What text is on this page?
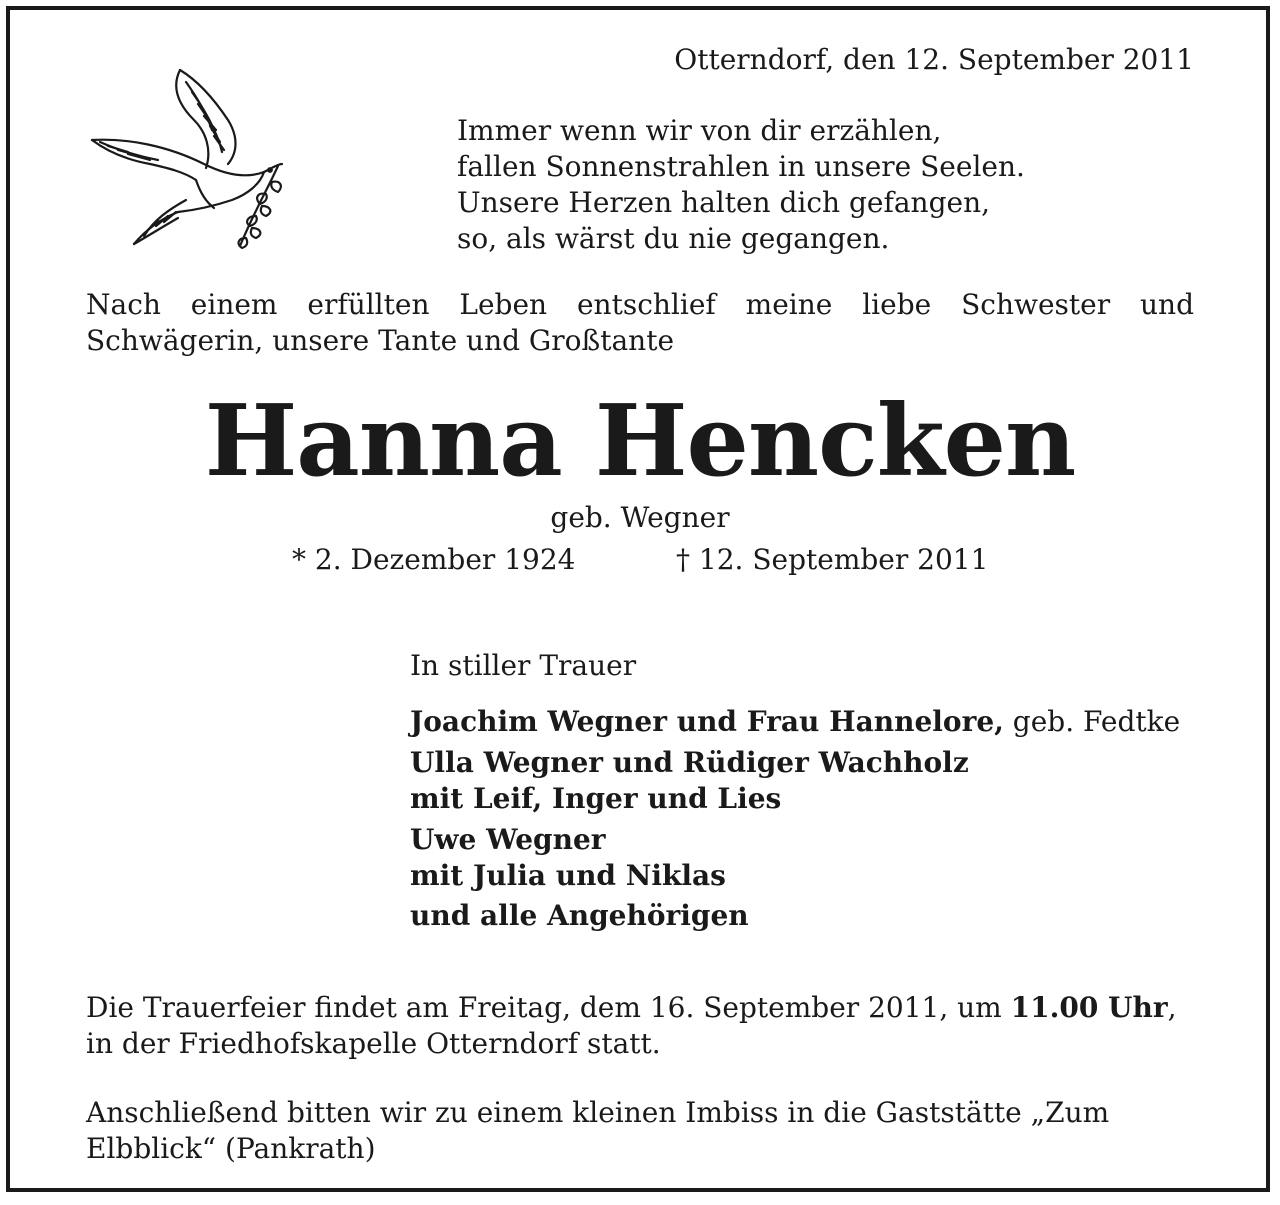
Otterndorf, den 12. September 2011

Immer wenn wir von dir erzählen,
fallen Sonnenstrahlen in unsere Seelen.
Unsere Herzen halten dich gefangen,
so, als wärst du nie gegangen.

Nach einem erfüllten Leben entschlief meine liebe Schwester und
Schwägerin, unsere Tante und Großtante

Hanna Hencken

geb. Wegner

* 2. Dezember 1924	† 12. September 2011

In stiller Trauer

Joachim Wegner und Frau Hannelore, geb. Fedtke
Ulla Wegner und Rüdiger Wachholz
mit Leif, Inger und Lies
Uwe Wegner
mit Julia und Niklas
und alle Angehörigen
Die Trauerfeier findet am Freitag, dem 16. September 2011, um 11.00 Uhr,
in der Friedhofskapelle Otterndorf statt.
Anschließend bitten wir zu einem kleinen Imbiss in die Gaststätte „Zum
Elbblick“ (Pankrath)
